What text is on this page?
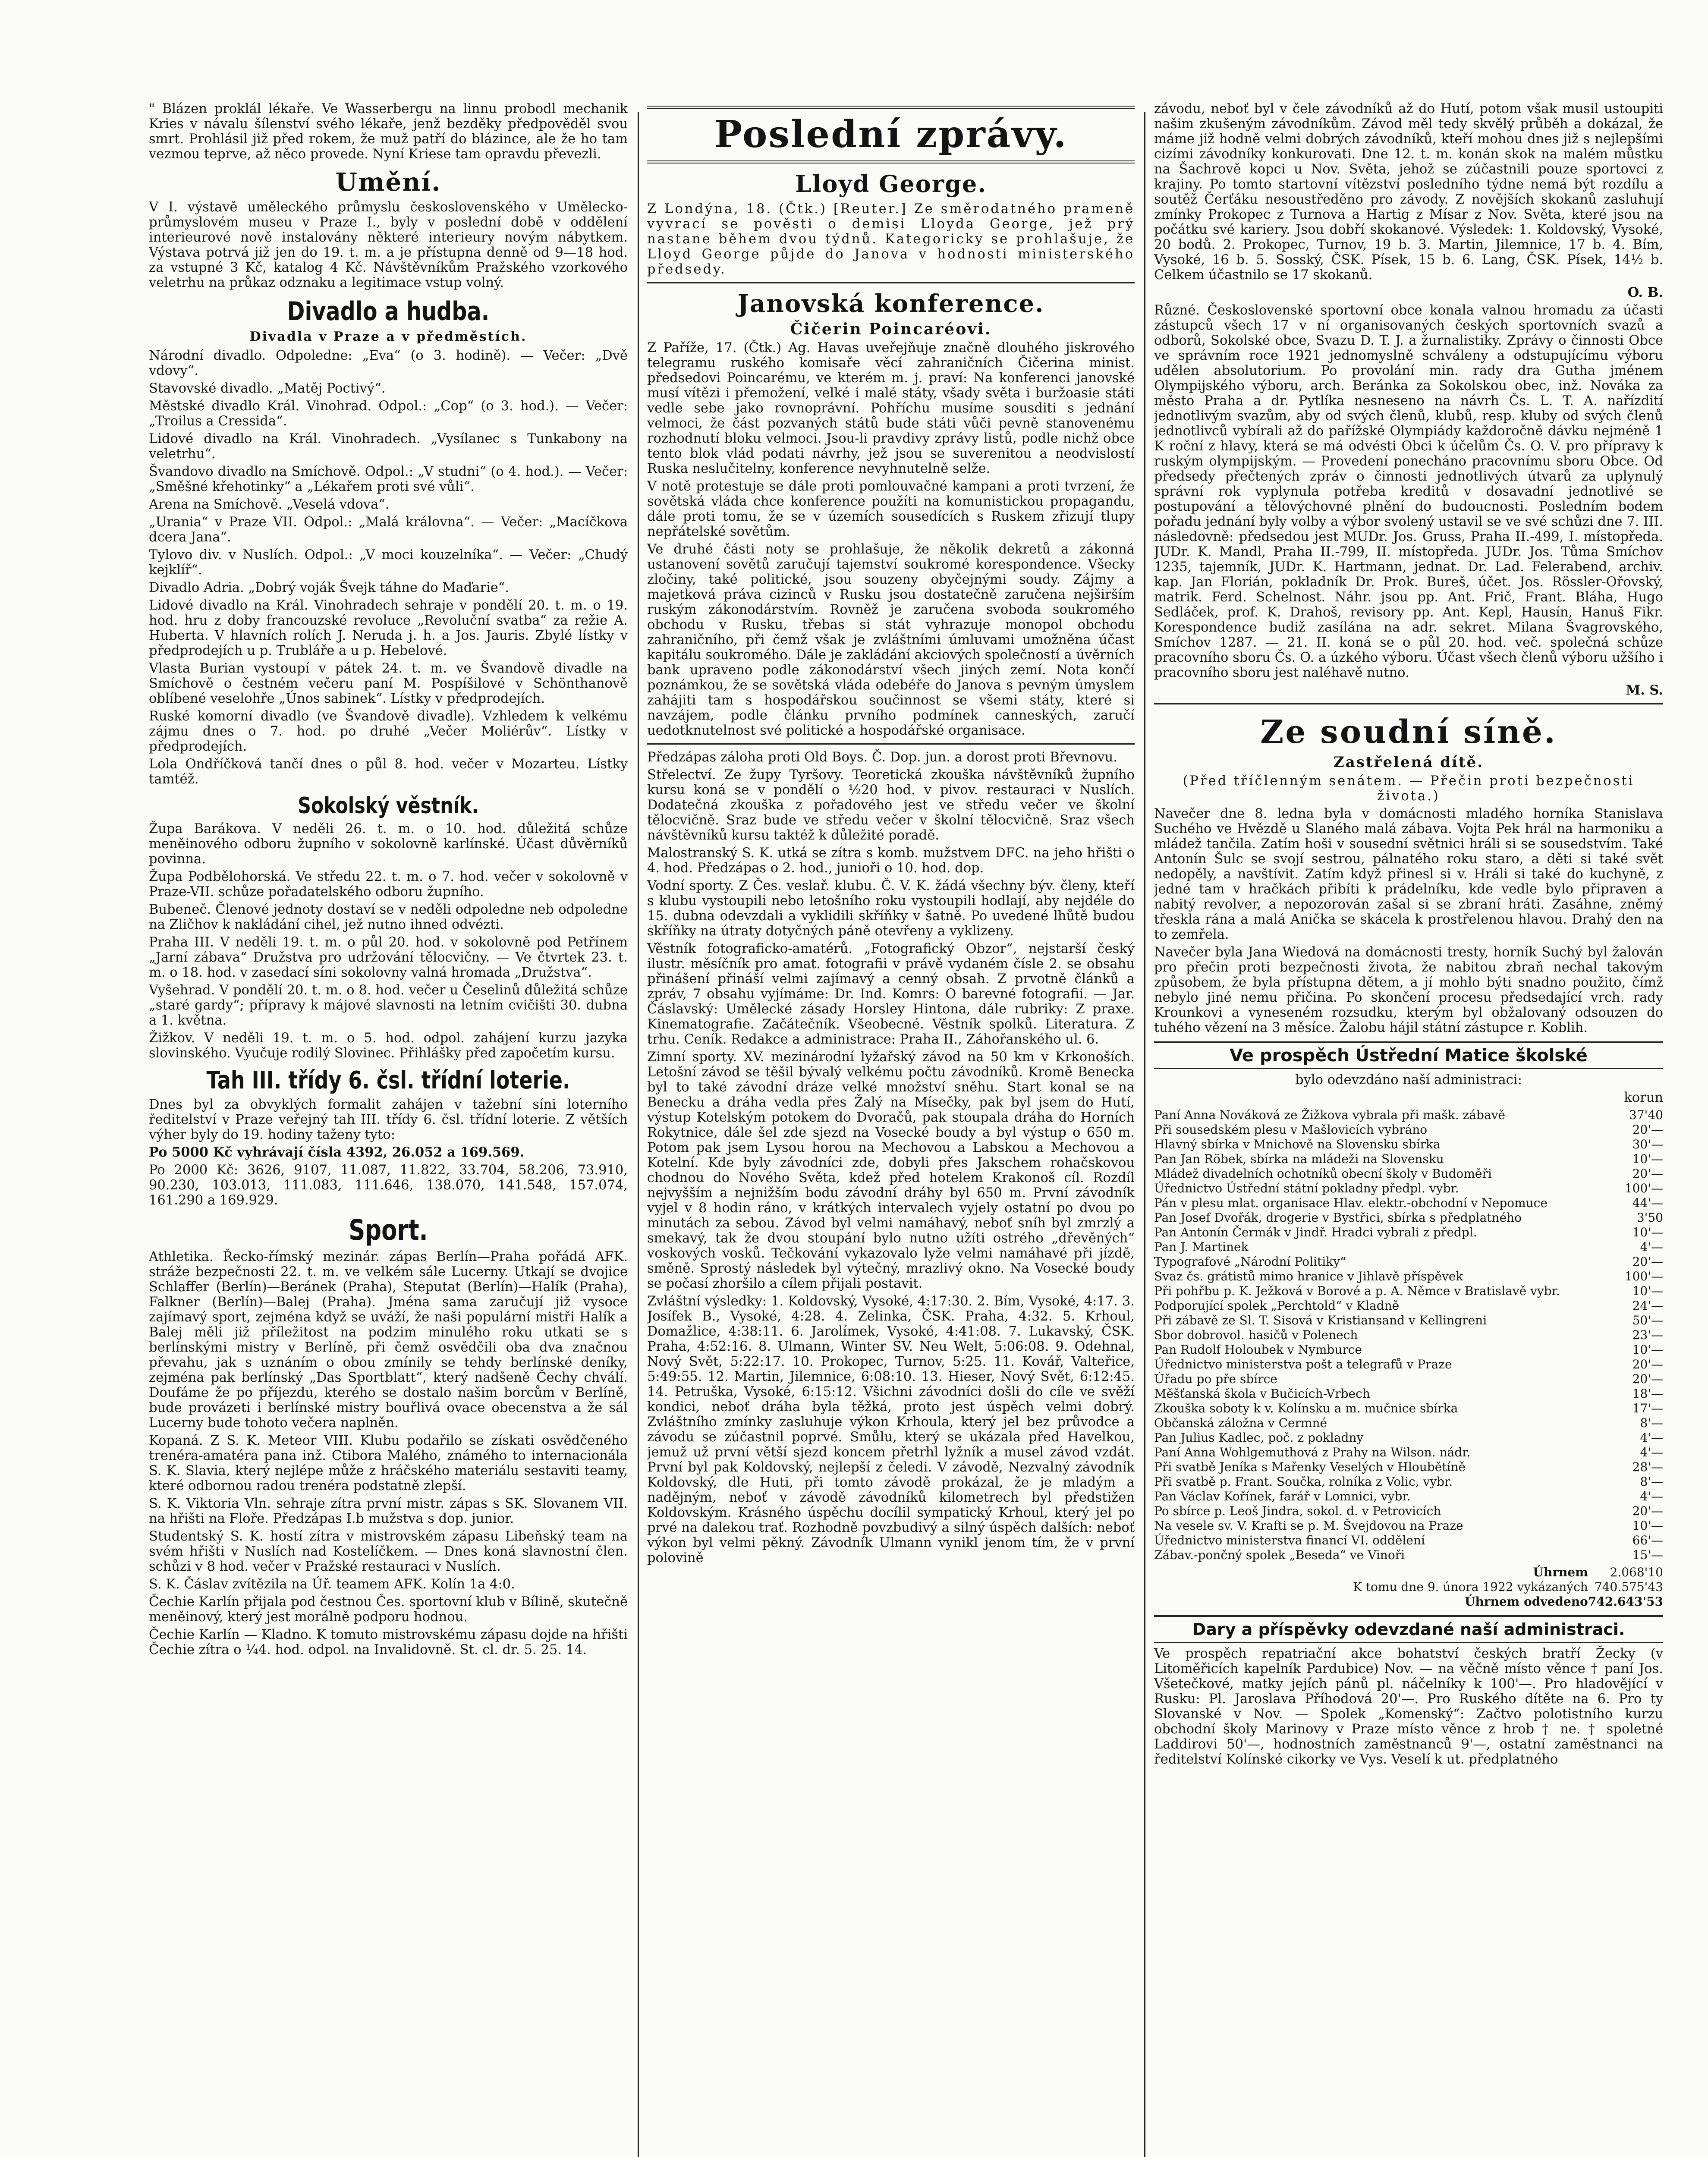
" Blázen proklál lékaře. Ve Wasserbergu na linnu probodl mechanik Kries v návalu šílenství svého lékaře, jenž bezděky předpověděl svou smrt. Prohlásil již před rokem, že muž patří do blázince, ale že ho tam vezmou teprve, až něco provede. Nyní Kriese tam opravdu převezli.

Umění.

V I. výstavě uměleckého průmyslu československého v Umělecko-průmyslovém museu v Praze I., byly v poslední době v oddělení interieurové nově instalovány některé interieury novým nábytkem. Výstava potrvá již jen do 19. t. m. a je přístupna denně od 9—18 hod. za vstupné 3 Kč, katalog 4 Kč. Návštěvníkům Pražského vzorkového veletrhu na průkaz odznaku a legitimace vstup volný.

Divadlo a hudba.
Divadla v Praze a v předměstích.

Národní divadlo. Odpoledne: „Eva“ (o 3. hodině). — Večer: „Dvě vdovy“.

Stavovské divadlo. „Matěj Poctivý“.

Městské divadlo Král. Vinohrad. Odpol.: „Cop“ (o 3. hod.). — Večer: „Troilus a Cressida“.

Lidové divadlo na Král. Vinohradech. „Vysílanec s Tunkabony na veletrhu“.

Švandovo divadlo na Smíchově. Odpol.: „V studni“ (o 4. hod.). — Večer: „Směšné křehotinky“ a „Lékařem proti své vůli“.

Arena na Smíchově. „Veselá vdova“.

„Urania“ v Praze VII. Odpol.: „Malá královna“. — Večer: „Macíčkova dcera Jana“.

Tylovo div. v Nuslích. Odpol.: „V moci kouzelníka“. — Večer: „Chudý kejklíř“.

Divadlo Adria. „Dobrý voják Švejk táhne do Maďarie“.

Lidové divadlo na Král. Vinohradech sehraje v pondělí 20. t. m. o 19. hod. hru z doby francouzské revoluce „Revoluční svatba“ za režie A. Huberta. V hlavních rolích J. Neruda j. h. a Jos. Jauris. Zbylé lístky v předprodejích u p. Trubláře a u p. Hebelové.

Vlasta Burian vystoupí v pátek 24. t. m. ve Švandově divadle na Smíchově o čestném večeru paní M. Pospíšilové v Schönthanově oblíbené veselohře „Únos sabinek“. Lístky v předprodejích.

Ruské komorní divadlo (ve Švandově divadle). Vzhledem k velkému zájmu dnes o 7. hod. po druhé „Večer Moliérův“. Lístky v předprodejích.

Lola Ondříčková tančí dnes o půl 8. hod. večer v Mozarteu. Lístky tamtéž.

Sokolský věstník.

Župa Barákova. V neděli 26. t. m. o 10. hod. důležitá schůze meněinového odboru župního v sokolovně karlínské. Účast důvěrníků povinna.

Župa Podbělohorská. Ve středu 22. t. m. o 7. hod. večer v sokolovně v Praze-VII. schůze pořadatelského odboru župního.

Bubeneč. Členové jednoty dostaví se v neděli odpoledne neb odpoledne na Zličhov k nakládání cihel, jež nutno ihned odvézti.

Praha III. V neděli 19. t. m. o půl 20. hod. v sokolovně pod Petřínem „Jarní zábava“ Družstva pro udržování tělocvičny. — Ve čtvrtek 23. t. m. o 18. hod. v zasedací síni sokolovny valná hromada „Družstva“.

Vyšehrad. V pondělí 20. t. m. o 8. hod. večer u Česelinů důležitá schůze „staré gardy“; přípravy k májové slavnosti na letním cvičišti 30. dubna a 1. května.

Žižkov. V neděli 19. t. m. o 5. hod. odpol. zahájení kurzu jazyka slovinského. Vyučuje rodilý Slovinec. Přihlášky před započetím kursu.

Tah III. třídy 6. čsl. třídní loterie.

Dnes byl za obvyklých formalit zahájen v tažební síni loterního ředitelství v Praze veřejný tah III. třídy 6. čsl. třídní loterie. Z větších výher byly do 19. hodiny taženy tyto:

Po 5000 Kč vyhrávají čísla 4392, 26.052 a 169.569.

Po 2000 Kč: 3626, 9107, 11.087, 11.822, 33.704, 58.206, 73.910, 90.230, 103.013, 111.083, 111.646, 138.070, 141.548, 157.074, 161.290 a 169.929.

Sport.

Athletika. Řecko-římský mezinár. zápas Berlín—Praha pořádá AFK. stráže bezpečnosti 22. t. m. ve velkém sále Lucerny. Utkají se dvojice Schlaffer (Berlín)—Beránek (Praha), Steputat (Berlín)—Halík (Praha), Falkner (Berlín)—Balej (Praha). Jména sama zaručují již vysoce zajímavý sport, zejména když se uváží, že naši populární mistři Halík a Balej měli již příležitost na podzim minulého roku utkati se s berlínskými mistry v Berlíně, při čemž osvědčili oba dva značnou převahu, jak s uznáním o obou zmínily se tehdy berlínské deníky, zejména pak berlínský „Das Sportblatt“, který nadšeně Čechy chválí. Doufáme že po příjezdu, kterého se dostalo našim borcům v Berlíně, bude provázeti i berlínské mistry bouřlivá ovace obecenstva a že sál Lucerny bude tohoto večera naplněn.

Kopaná. Z S. K. Meteor VIII. Klubu podařilo se získati osvědčeného trenéra-amatéra pana inž. Ctibora Malého, známého to internacionála S. K. Slavia, který nejlépe může z hráčského materiálu sestaviti teamy, které odbornou radou trenéra podstatně zlepší.

S. K. Viktoria Vln. sehraje zítra první mistr. zápas s SK. Slovanem VII. na hřišti na Floře. Předzápas I.b mužstva s dop. junior.

Studentský S. K. hostí zítra v mistrovském zápasu Libeňský team na svém hřišti v Nuslích nad Kostelíčkem. — Dnes koná slavnostní člen. schůzi v 8 hod. večer v Pražské restauraci v Nuslích.

S. K. Čáslav zvítězila na Úř. teamem AFK. Kolín 1a 4:0.

Čechie Karlín přijala pod čestnou Čes. sportovní klub v Bílině, skutečně meněinový, který jest morálně podporu hodnou.

Čechie Karlín — Kladno. K tomuto mistrovskému zápasu dojde na hřišti Čechie zítra o ¼4. hod. odpol. na Invalidovně. St. cl. dr. 5. 25. 14.

Poslední zprávy.
Lloyd George.

Z Londýna, 18. (Čtk.) [Reuter.] Ze směrodatného prameně vyvrací se pověsti o demisi Lloyda George, jež prý nastane během dvou týdnů. Kategoricky se prohlašuje, že Lloyd George půjde do Janova v hodnosti ministerského předsedy.

Janovská konference.
Čičerin Poincaréovi.

Z Paříže, 17. (Čtk.) Ag. Havas uveřejňuje značně dlouhého jiskrového telegramu ruského komisaře věcí zahraničních Čičerina minist. předsedovi Poincarému, ve kterém m. j. praví: Na konferenci janovské musí vítězi i přemožení, velké i malé státy, všady světa i buržoasie státi vedle sebe jako rovnoprávní. Pohříchu musíme sousditi s jednání velmoci, že část pozvaných států bude státi vůči pevně stanovenému rozhodnutí bloku velmoci. Jsou-li pravdivy zprávy listů, podle nichž obce tento blok vlád podati návrhy, jež jsou se suverenitou a neodvislostí Ruska neslučitelny, konference nevyhnutelně selže.

V notě protestuje se dále proti pomlouvačné kampani a proti tvrzení, že sovětská vláda chce konference použíti na komunistickou propagandu, dále proti tomu, že se v územích sousedících s Ruskem zřizují tlupy nepřátelské sovětům.

Ve druhé části noty se prohlašuje, že několik dekretů a zákonná ustanovení sovětů zaručují tajemství soukromé korespondence. Všecky zločiny, také politické, jsou souzeny obyčejnými soudy. Zájmy a majetková práva cizinců v Rusku jsou dostatečně zaručena nejširším ruským zákonodárstvím. Rovněž je zaručena svoboda soukromého obchodu v Rusku, třebas si stát vyhrazuje monopol obchodu zahraničního, při čemž však je zvláštními úmluvami umožněna účast kapitálu soukromého. Dále je zakládání akciových společností a úvěrních bank upraveno podle zákonodárství všech jiných zemí. Nota končí poznámkou, že se sovětská vláda odebéře do Janova s pevným úmyslem zahájiti tam s hospodářskou součinnost se všemi státy, které si navzájem, podle článku prvního podmínek canneských, zaručí uedotknutelnost své politické a hospodářské organisace.

Předzápas záloha proti Old Boys. Č. Dop. jun. a dorost proti Břevnovu.

Střelectví. Ze župy Tyršovy. Teoretická zkouška návštěvníků župního kursu koná se v pondělí o ½20 hod. v pivov. restauraci v Nuslích. Dodatečná zkouška z pořadového jest ve středu večer ve školní tělocvičně. Sraz bude ve středu večer v školní tělocvičně. Sraz všech návštěvníků kursu taktéž k důležité poradě.

Malostranský S. K. utká se zítra s komb. mužstvem DFC. na jeho hřišti o 4. hod. Předzápas o 2. hod., junioři o 10. hod. dop.

Vodní sporty. Z Čes. veslař. klubu. Č. V. K. žádá všechny býv. členy, kteří s klubu vystoupili nebo letošního roku vystoupili hodlají, aby nejdéle do 15. dubna odevzdali a vyklidili skříňky v šatně. Po uvedené lhůtě budou skříňky na útraty dotyčných páně otevřeny a vyklizeny.

Věstník fotograficko-amatérů. „Fotografický Obzor“, nejstarší český ilustr. měsíčník pro amat. fotografii v právě vydaném čísle 2. se obsahu přinášení přináší velmi zajímavý a cenný obsah. Z prvotně článků a zpráv, 7 obsahu vyjímáme: Dr. Ind. Komrs: O barevné fotografii. — Jar. Čáslavský: Umělecké zásady Horsley Hintona, dále rubriky: Z praxe. Kinematografie. Začátečník. Všeobecné. Věstník spolků. Literatura. Z trhu. Ceník. Redakce a administrace: Praha II., Záhořanského ul. 6.

Zimní sporty. XV. mezinárodní lyžařský závod na 50 km v Krkonoších. Letošní závod se těšil bývalý velkému počtu závodníků. Kromě Benecka byl to také závodní dráze velké množství sněhu. Start konal se na Benecku a dráha vedla přes Žalý na Mísečky, pak byl jsem do Hutí, výstup Kotelským potokem do Dvoračů, pak stoupala dráha do Horních Rokytnice, dále šel zde sjezd na Vosecké boudy a byl výstup o 650 m. Potom pak jsem Lysou horou na Mechovou a Labskou a Mechovou a Kotelní. Kde byly závodníci zde, dobyli přes Jakschem rohačskovou chodnou do Nového Světa, kdež před hotelem Krakonoš cíl. Rozdíl nejvyšším a nejnižším bodu závodní dráhy byl 650 m. První závodník vyjel v 8 hodin ráno, v krátkých intervalech vyjely ostatní po dvou po minutách za sebou. Závod byl velmi namáhavý, neboť sníh byl zmrzlý a smekavý, tak že dvou stoupání bylo nutno užíti ostrého „dřevěných“ voskových vosků. Tečkování vykazovalo lyže velmi namáhavé při jízdě, směně. Sprostý následek byl výtečný, mrazlivý okno. Na Vosecké boudy se počasí zhoršilo a cílem přijali postavit.

Zvláštní výsledky: 1. Koldovský, Vysoké, 4:17:30. 2. Bím, Vysoké, 4:17. 3. Josífek B., Vysoké, 4:28. 4. Zelinka, ČSK. Praha, 4:32. 5. Krhoul, Domažlice, 4:38:11. 6. Jarolímek, Vysoké, 4:41:08. 7. Lukavský, ČSK. Praha, 4:52:16. 8. Ulmann, Winter SV. Neu Welt, 5:06:08. 9. Odehnal, Nový Svět, 5:22:17. 10. Prokopec, Turnov, 5:25. 11. Kovář, Valteřice, 5:49:55. 12. Martin, Jilemnice, 6:08:10. 13. Hieser, Nový Svět, 6:12:45. 14. Petruška, Vysoké, 6:15:12. Všichni závodníci došli do cíle ve svěží kondici, neboť dráha byla těžká, proto jest úspěch velmi dobrý. Zvláštního zmínky zasluhuje výkon Krhoula, který jel bez průvodce a závodu se zúčastnil poprvé. Smůlu, který se ukázala před Havelkou, jemuž už první větší sjezd koncem přetrhl lyžník a musel závod vzdát. První byl pak Koldovský, nejlepší z čeledi. V závodě, Nezvalný závodník Koldovský, dle Huti, při tomto závodě prokázal, že je mladým a nadějným, neboť v závodě závodníků kilometrech byl předstižen Koldovským. Krásného úspěchu docílil sympatický Krhoul, který jel po prvé na dalekou trať. Rozhodně povzbudivý a silný úspěch dalších: neboť výkon byl velmi pěkný. Závodník Ulmann vynikl jenom tím, že v první polovině

závodu, neboť byl v čele závodníků až do Hutí, potom však musil ustoupiti našim zkušeným závodníkům. Závod měl tedy skvělý průběh a dokázal, že máme již hodně velmi dobrých závodníků, kteří mohou dnes již s nejlepšími cizími závodníky konkurovati. Dne 12. t. m. konán skok na malém můstku na Šachrově kopci u Nov. Světa, jehož se zúčastnili pouze sportovci z krajiny. Po tomto startovní vítězství posledního týdne nemá být rozdílu a soutěž Čerťáku nesoustředěno pro závody. Z novějších skokanů zasluhují zmínky Prokopec z Turnova a Hartig z Mísar z Nov. Světa, které jsou na počátku své kariery. Jsou dobří skokanové. Výsledek: 1. Koldovský, Vysoké, 20 bodů. 2. Prokopec, Turnov, 19 b. 3. Martin, Jilemnice, 17 b. 4. Bím, Vysoké, 16 b. 5. Sosský, ČSK. Písek, 15 b. 6. Lang, ČSK. Písek, 14½ b. Celkem účastnilo se 17 skokanů.

O. B.

Různé. Československé sportovní obce konala valnou hromadu za účasti zástupců všech 17 v ní organisovaných českých sportovních svazů a odborů, Sokolské obce, Svazu D. T. J. a žurnalistiky. Zprávy o činnosti Obce ve správním roce 1921 jednomyslně schváleny a odstupujícímu výboru udělen absolutorium. Po provolání min. rady dra Gutha jménem Olympijského výboru, arch. Beránka za Sokolskou obec, inž. Nováka za město Praha a dr. Pytlíka nesneseno na návrh Čs. L. T. A. nařízdití jednotlivým svazům, aby od svých členů, klubů, resp. kluby od svých členů jednotlivců vybírali až do pařížské Olympiády každoročně dávku nejméně 1 K roční z hlavy, která se má odvésti Obci k účelům Čs. O. V. pro přípravy k ruským olympijským. — Provedení ponecháno pracovnímu sboru Obce. Od předsedy přečtených zpráv o činnosti jednotlivých útvarů za uplynulý správní rok vyplynula potřeba kreditů v dosavadní jednotlivé se postupování a tělovýchovné plnění do budoucnosti. Posledním bodem pořadu jednání byly volby a výbor svolený ustavil se ve své schůzi dne 7. III. následovně: předsedou jest MUDr. Jos. Gruss, Praha II.-499, I. místopředa. JUDr. K. Mandl, Praha II.-799, II. místopředa. JUDr. Jos. Tůma Smíchov 1235, tajemník, JUDr. K. Hartmann, jednat. Dr. Lad. Felerabend, archiv. kap. Jan Florián, pokladník Dr. Prok. Bureš, účet. Jos. Rössler-Ořovský, matrik. Ferd. Schelnost. Náhr. jsou pp. Ant. Frič, Frant. Bláha, Hugo Sedláček, prof. K. Drahoš, revisory pp. Ant. Kepl, Hausín, Hanuš Fikr. Korespondence budiž zasílána na adr. sekret. Milana Švagrovského, Smíchov 1287. — 21. II. koná se o půl 20. hod. več. společná schůze pracovního sboru Čs. O. a úzkého výboru. Účast všech členů výboru užšího i pracovního sboru jest naléhavě nutno.

M. S.

Ze soudní síně.
Zastřelená dítě.

(Před tříčlenným senátem. — Přečin proti bezpečnosti života.)

Navečer dne 8. ledna byla v domácnosti mladého horníka Stanislava Suchého ve Hvězdě u Slaného malá zábava. Vojta Pek hrál na harmoniku a mládež tančila. Zatím hoši v sousední světnici hráli si se sousedstvím. Také Antonín Šulc se svojí sestrou, pálnatého roku staro, a děti si také svět nedopěly, a navštívit. Zatím když přinesl si v. Hráli si také do kuchyně, z jedné tam v hračkách přibíti k prádelníku, kde vedle bylo připraven a nabitý revolver, a nepozorován zašal si se zbraní hráti. Zasáhne, zněmý třeskla rána a malá Anička se skácela k prostřelenou hlavou. Drahý den na to zemřela.

Navečer byla Jana Wiedová na domácnosti tresty, horník Suchý byl žalován pro přečin proti bezpečnosti života, že nabitou zbraň nechal takovým způsobem, že byla přístupna dětem, a jí mohlo býti snadno použito, čímž nebylo jiné nemu přičina. Po skončení procesu předsedající vrch. rady Krounkovi a vyneseném rozsudku, kterým byl obžalovaný odsouzen do tuhého vězení na 3 měsíce. Žalobu hájil státní zástupce r. Koblih.

Ve prospěch Ústřední Matice školské

bylo odevzdáno naší administraci:

korun

Paní Anna Nováková ze Žižkova vybrala při mašk. zábavě	37'40
Při sousedském plesu v Mašlovicích vybráno	20'—
Hlavný sbírka v Mnichově na Slovensku sbírka	30'—
Pan Jan Röbek, sbírka na mládeži na Slovensku	10'—
Mládež divadelních ochotníků obecní školy v Budoměři	20'—
Úřednictvo Ústřední státní pokladny předpl. vybr.	100'—
Pán v plesu mlat. organisace Hlav. elektr.-obchodní v Nepomuce	44'—
Pan Josef Dvořák, drogerie v Bystřici, sbírka s předplatného	3'50
Pan Antonín Čermák v Jindř. Hradci vybrali z předpl.	10'—
Pan J. Martinek	4'—
Typografové „Národní Politiky“	20'—
Svaz čs. grátistů mimo hranice v Jihlavě příspěvek	100'—
Při pohřbu p. K. Ježková v Borové a p. A. Němce v Bratislavě vybr.	10'—
Podporující spolek „Perchtold“ v Kladně	24'—
Při zábavě ze Sl. T. Sisová v Kristiansand v Kellingreni	50'—
Sbor dobrovol. hasičů v Polenech	23'—
Pan Rudolf Holoubek v Nymburce	10'—
Úřednictvo ministerstva pošt a telegrafů v Praze	20'—
Úřadu po pře sbírce	20'—
Měšťanská škola v Bučicích-Vrbech	18'—
Zkouška soboty k v. Kolínsku a m. mučnice sbírka	17'—
Občanská záložna v Cermné	8'—
Pan Julius Kadlec, poč. z pokladny	4'—
Paní Anna Wohlgemuthová z Prahy na Wilson. nádr.	4'—
Při svatbě Jeníka s Mařenky Veselých v Hloubětíně	28'—
Při svatbě p. Frant. Součka, rolníka z Volic, vybr.	8'—
Pan Václav Kořínek, farář v Lomnici, vybr.	4'—
Po sbírce p. Leoš Jindra, sokol. d. v Petrovicích	20'—
Na vesele sv. V. Krafti se p. M. Švejdovou na Praze	10'—
Úřednictvo ministerstva financí VI. oddělení	66'—
Zábav.-pončný spolek „Beseda“ ve Vinoři	15'—
Úhrnem	2.068'10
K tomu dne 9. února 1922 vykázaných	740.575'43
Úhrnem odvedeno	742.643'53
Dary a příspěvky odevzdané naší administraci.

Ve prospěch repatriační akce bohatství českých bratří Žecky (v Litoměřicích kapelník Pardubice) Nov. — na věčně místo věnce † paní Jos. Všetečkové, matky jejích pánů pl. náčelníky k 100'—. Pro hladovějící v Rusku: Pl. Jaroslava Příhodová 20'—. Pro Ruského dítěte na 6. Pro ty Slovanské v Nov. — Spolek „Komenský“: Začtvo polotistního kurzu obchodní školy Marinovy v Praze místo věnce z hrob † ne. † spoletné Laddirovi 50'—, hodnostních zaměstnanců 9'—, ostatní zaměstnanci na ředitelství Kolínské cikorky ve Vys. Veselí k ut. předplatného
